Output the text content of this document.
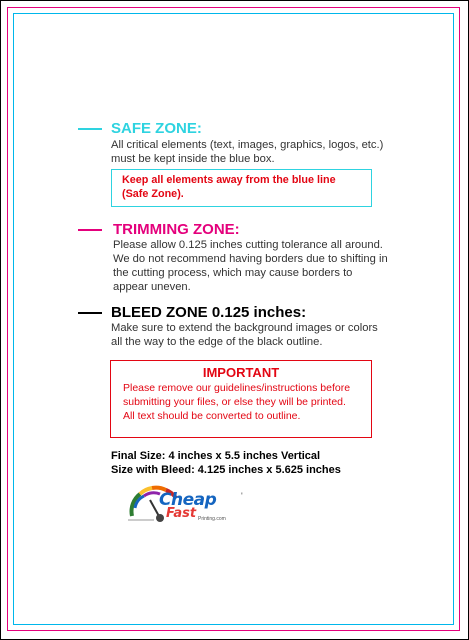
SAFE ZONE:
All critical elements (text, images, graphics, logos, etc.)
must be kept inside the blue box.
Keep all elements away from the blue line
(Safe Zone).
TRIMMING ZONE:
Please allow 0.125 inches cutting tolerance all around.
We do not recommend having borders due to shifting in
the cutting process, which may cause borders to
appear uneven.
BLEED ZONE 0.125 inches:
Make sure to extend the background images or colors
all the way to the edge of the black outline.
IMPORTANT
Please remove our guidelines/instructions before
submitting your files, or else they will be printed.
All text should be converted to outline.
Final Size: 4 inches x 5.5 inches Vertical
Size with Bleed: 4.125 inches x 5.625 inches
Cheap
Fast Printing.com
'
